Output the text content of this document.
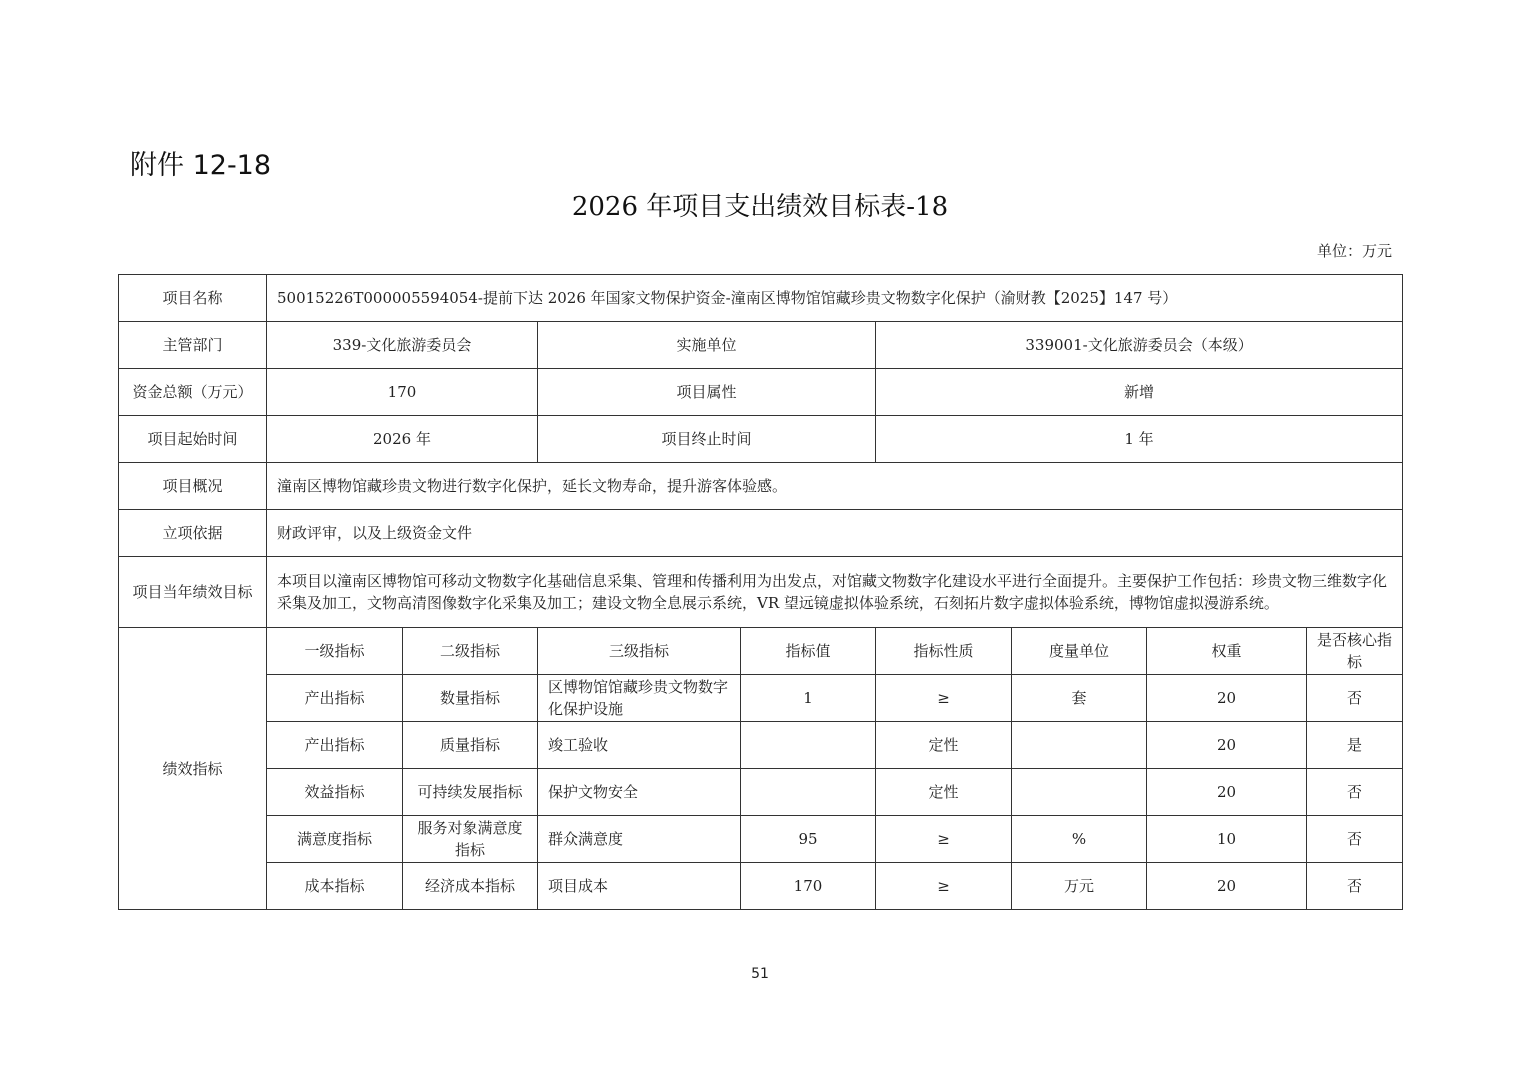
附件 12-18
2026 年项目支出绩效目标表-18
单位：万元
项目名称	50015226T000005594054-提前下达 2026 年国家文物保护资金-潼南区博物馆馆藏珍贵文物数字化保护（渝财教【2025】147 号）							
主管部门	339-文化旅游委员会		实施单位		339001-文化旅游委员会（本级）			
资金总额（万元）	170		项目属性		新增			
项目起始时间	2026 年		项目终止时间		1 年			
项目概况	潼南区博物馆藏珍贵文物进行数字化保护，延长文物寿命，提升游客体验感。							
立项依据	财政评审，以及上级资金文件							
项目当年绩效目标	本项目以潼南区博物馆可移动文物数字化基础信息采集、管理和传播利用为出发点，对馆藏文物数字化建设水平进行全面提升。主要保护工作包括：珍贵文物三维数字化采集及加工，文物高清图像数字化采集及加工；建设文物全息展示系统，VR 望远镜虚拟体验系统，石刻拓片数字虚拟体验系统，博物馆虚拟漫游系统。							
绩效指标	一级指标	二级指标	三级指标	指标值	指标性质	度量单位	权重	是否核心指标
	产出指标	数量指标	区博物馆馆藏珍贵文物数字化保护设施	1	≥	套	20	否
	产出指标	质量指标	竣工验收		定性		20	是
	效益指标	可持续发展指标	保护文物安全		定性		20	否
	满意度指标	服务对象满意度指标	群众满意度	95	≥	%	10	否
	成本指标	经济成本指标	项目成本	170	≥	万元	20	否
51
